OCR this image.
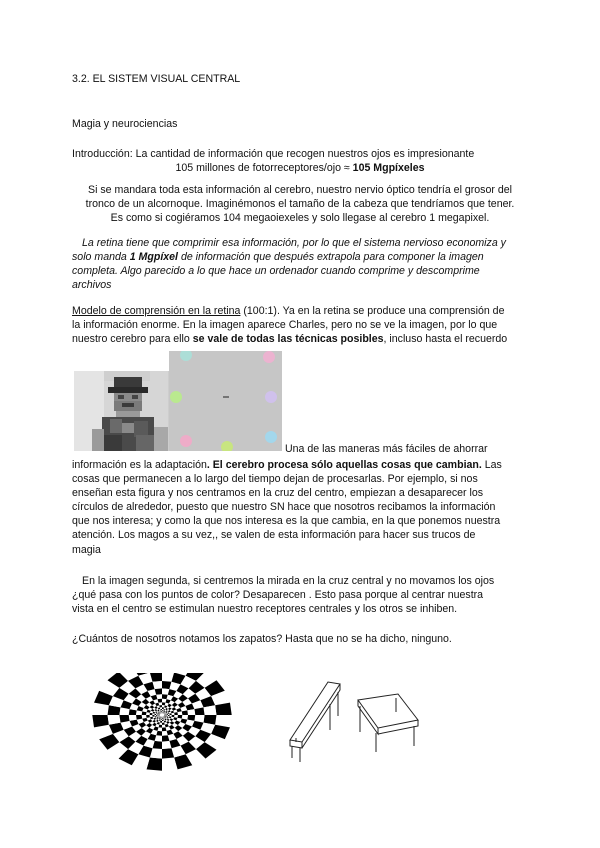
3.2. EL SISTEM VISUAL CENTRAL
Magia y neurociencias
Introducción: La cantidad de información que recogen nuestros ojos es impresionante
105 millones de fotorreceptores/ojo ≈ 105 Mgpíxeles
Si se mandara toda esta información al cerebro, nuestro nervio óptico tendría el grosor del
tronco de un alcornoque. Imaginémonos el tamaño de la cabeza que tendríamos que tener.
Es como si cogiéramos 104 megaoiexeles y solo llegase al cerebro 1 megapixel.
La retina tiene que comprimir esa información, por lo que el sistema nervioso economiza y
solo manda 1 Mgpíxel de información que después extrapola para componer la imagen
completa. Algo parecido a lo que hace un ordenador cuando comprime y descomprime
archivos
Modelo de comprensión en la retina (100:1). Ya en la retina se produce una comprensión de
la información enorme. En la imagen aparece Charles, pero no se ve la imagen, por lo que
nuestro cerebro para ello se vale de todas las técnicas posibles, incluso hasta el recuerdo
Una de las maneras más fáciles de ahorrar
información es la adaptación. El cerebro procesa sólo aquellas cosas que cambian. Las
cosas que permanecen a lo largo del tiempo dejan de procesarlas. Por ejemplo, si nos
enseñan esta figura y nos centramos en la cruz del centro, empiezan a desaparecer los
círculos de alrededor, puesto que nuestro SN hace que nosotros recibamos la información
que nos interesa; y como la que nos interesa es la que cambia, en la que ponemos nuestra
atención. Los magos a su vez,, se valen de esta información para hacer sus trucos de
magia
En la imagen segunda, si centremos la mirada en la cruz central y no movamos los ojos
¿qué pasa con los puntos de color? Desaparecen . Esto pasa porque al centrar nuestra
vista en el centro se estimulan nuestro receptores centrales y los otros se inhiben.
¿Cuántos de nosotros notamos los zapatos? Hasta que no se ha dicho, ninguno.
